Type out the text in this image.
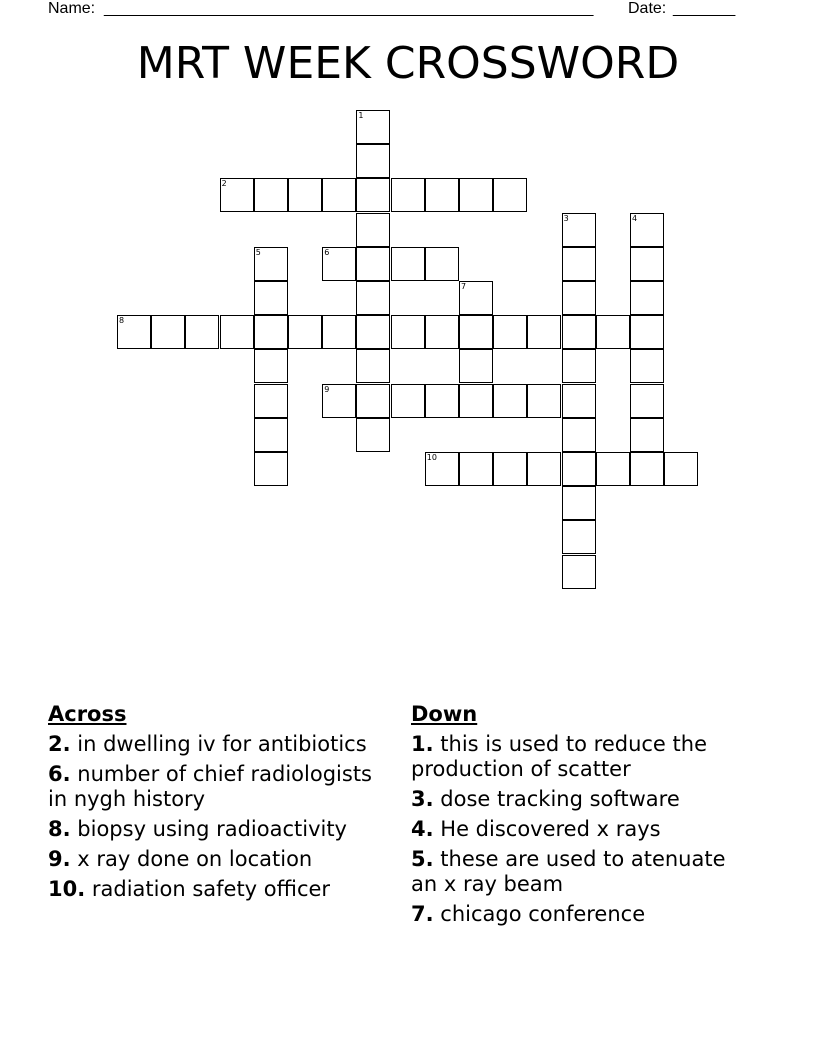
Name: _______________________________________________________ Date: _______
MRT WEEK CROSSWORD
1
2
3	4
5	6
7
8
9
10
Across
2. in dwelling iv for antibiotics
6. number of chief radiologists in nygh history
8. biopsy using radioactivity
9. x ray done on location
10. radiation safety officer
Down
1. this is used to reduce the production of scatter
3. dose tracking software
4. He discovered x rays
5. these are used to atenuate an x ray beam
7. chicago conference
